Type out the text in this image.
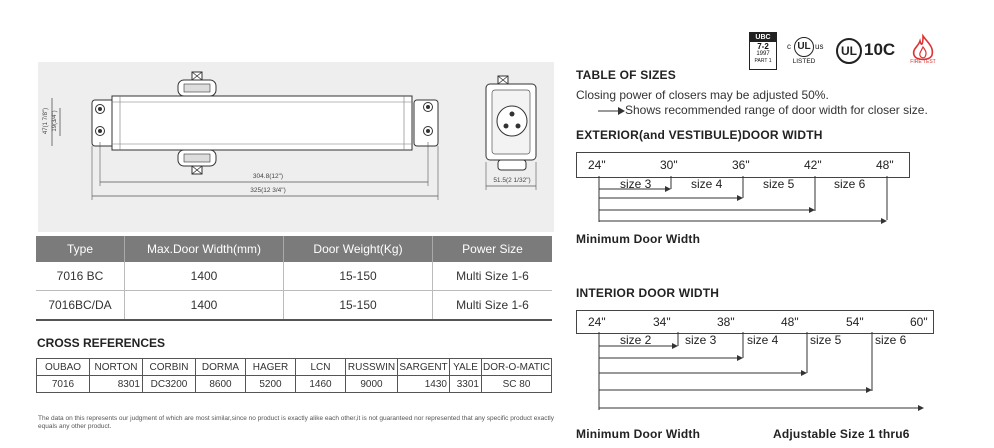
UBC
7-2
1997
PART 1
c UL us
LISTED
UL 10C
FIRE TEST
47(1 7/8") 19(3/4")
304.8(12")
325(12 3/4")
51.5(2 1/32")
Type	Max.Door Width(mm)	Door Weight(Kg)	Power Size
7016 BC	1400	15-150	Multi Size 1-6
7016BC/DA	1400	15-150	Multi Size 1-6
CROSS REFERENCES
OUBAO	NORTON	CORBIN	DORMA	HAGER	LCN	RUSSWIN	SARGENT	YALE	DOR-O-MATIC
7016	8301	DC3200	8600	5200	1460	9000	1430	3301	SC 80
The data on this represents our judgment of which are most similar,since no product is exactly alike each other,it is not guaranteed nor represented that any specific product exactly equals any other product.
TABLE OF SIZES
Closing power of closers may be adjusted 50%.
Shows recommended range of door width for closer size.
EXTERIOR(and VESTIBULE)DOOR WIDTH
24"	30"	36"	42"	48"
size 3	size 4	size 5	size 6
Minimum Door Width
INTERIOR DOOR WIDTH
24"	34"	38"	48"	54"	60"
size 2	size 3	size 4	size 5	size 6
Minimum Door Width	Adjustable Size 1 thru6
